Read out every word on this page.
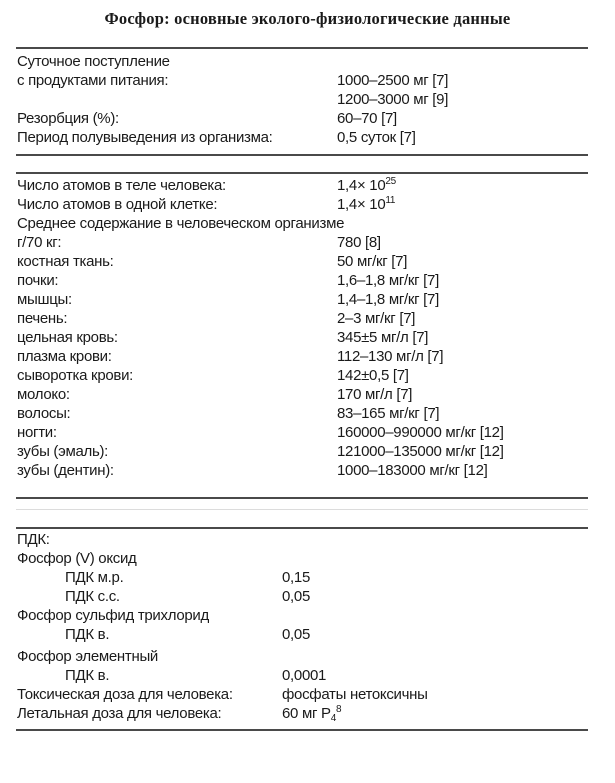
Фосфор: основные эколого-физиологические данные
Суточное поступление
с продуктами питания:	1000–2500 мг [7]
1200–3000 мг [9]
Резорбция (%):	60–70 [7]
Период полувыведения из организма:	0,5 суток [7]
Число атомов в теле человека:	$1,4\times 10^{25}$
Число атомов в одной клетке:	$1,4\times 10^{11}$
Среднее содержание в человеческом организме
г/70 кг:	780 [8]
костная ткань:	50 мг/кг [7]
почки:	1,6–1,8 мг/кг [7]
мышцы:	1,4–1,8 мг/кг [7]
печень:	2–3 мг/кг [7]
цельная кровь:	345±5 мг/л [7]
плазма крови:	112–130 мг/л [7]
сыворотка крови:	142±0,5 [7]
молоко:	170 мг/л [7]
волосы:	83–165 мг/кг [7]
ногти:	160000–990000 мг/кг [12]
зубы (эмаль):	121000–135000 мг/кг [12]
зубы (дентин):	1000–183000 мг/кг [12]
ПДК:
Фосфор (V) оксид
ПДК м.р.	0,15
ПДК с.с.	0,05
Фосфор сульфид трихлорид
ПДК в.	0,05
Фосфор элементный
ПДК в.	0,0001
Токсическая доза для человека:	фосфаты нетоксичны
Летальная доза для человека:	60 мг $Р_4^8$
